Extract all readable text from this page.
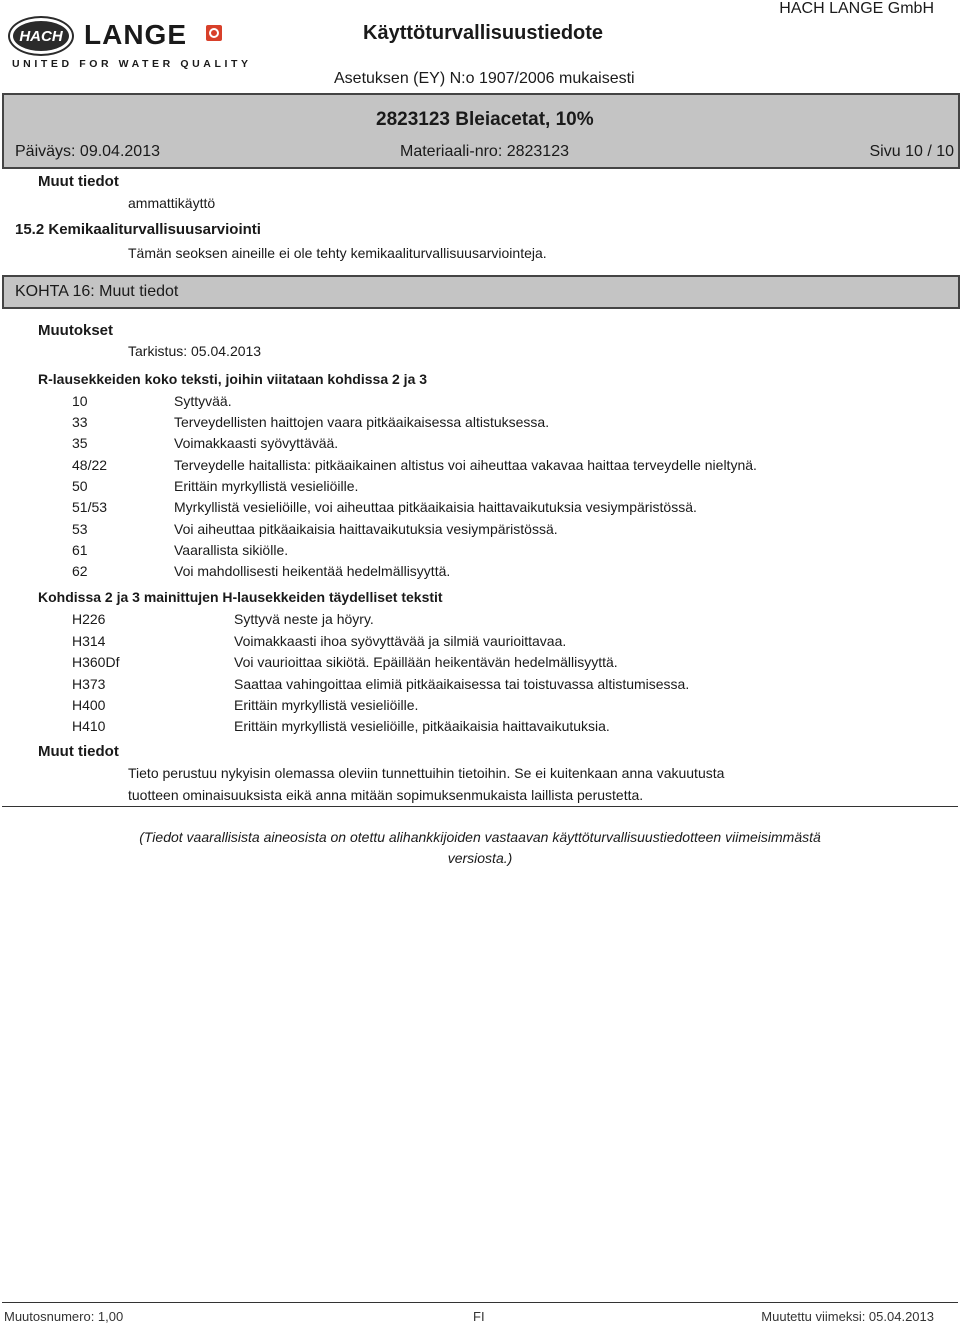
HACH LANGE
UNITED FOR WATER QUALITY
HACH LANGE GmbH
Käyttöturvallisuustiedote
Asetuksen (EY) N:o 1907/2006 mukaisesti
2823123 Bleiacetat, 10%
Päiväys: 09.04.2013	Materiaali-nro: 2823123	Sivu 10 / 10
Muut tiedot
ammattikäyttö
15.2 Kemikaaliturvallisuusarviointi
Tämän seoksen aineille ei ole tehty kemikaaliturvallisuusarviointeja.
KOHTA 16: Muut tiedot
Muutokset
Tarkistus: 05.04.2013
R-lausekkeiden koko teksti, joihin viitataan kohdissa 2 ja 3
10	Syttyvää.
33	Terveydellisten haittojen vaara pitkäaikaisessa altistuksessa.
35	Voimakkaasti syövyttävää.
48/22	Terveydelle haitallista: pitkäaikainen altistus voi aiheuttaa vakavaa haittaa terveydelle nieltynä.
50	Erittäin myrkyllistä vesieliöille.
51/53	Myrkyllistä vesieliöille, voi aiheuttaa pitkäaikaisia haittavaikutuksia vesiympäristössä.
53	Voi aiheuttaa pitkäaikaisia haittavaikutuksia vesiympäristössä.
61	Vaarallista sikiölle.
62	Voi mahdollisesti heikentää hedelmällisyyttä.
Kohdissa 2 ja 3 mainittujen H-lausekkeiden täydelliset tekstit
H226	Syttyvä neste ja höyry.
H314	Voimakkaasti ihoa syövyttävää ja silmiä vaurioittavaa.
H360Df	Voi vaurioittaa sikiötä. Epäillään heikentävän hedelmällisyyttä.
H373	Saattaa vahingoittaa elimiä pitkäaikaisessa tai toistuvassa altistumisessa.
H400	Erittäin myrkyllistä vesieliöille.
H410	Erittäin myrkyllistä vesieliöille, pitkäaikaisia haittavaikutuksia.
Muut tiedot
Tieto perustuu nykyisin olemassa oleviin tunnettuihin tietoihin. Se ei kuitenkaan anna vakuutusta
tuotteen ominaisuuksista eikä anna mitään sopimuksenmukaista laillista perustetta.
(Tiedot vaarallisista aineosista on otettu alihankkijoiden vastaavan käyttöturvallisuustiedotteen viimeisimmästä
versiosta.)
Muutosnumero: 1,00	FI	Muutettu viimeksi: 05.04.2013
